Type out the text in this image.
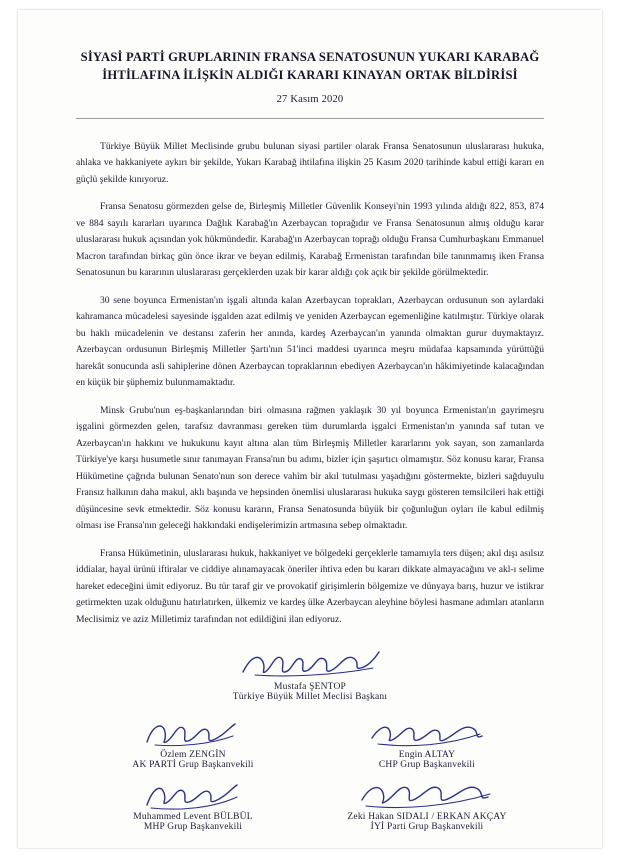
SİYASİ PARTİ GRUPLARININ FRANSA SENATOSUNUN YUKARI KARABAĞ
İHTİLAFINA İLİŞKİN ALDIĞI KARARI KINAYAN ORTAK BİLDİRİSİ
27 Kasım 2020

Türkiye Büyük Millet Meclisinde grubu bulunan siyasi partiler olarak Fransa Senatosunun uluslararası hukuka, ahlaka ve hakkaniyete aykırı bir şekilde, Yukarı Karabağ ihtilafına ilişkin 25 Kasım 2020 tarihinde kabul ettiği kararı en güçlü şekilde kınıyoruz.

Fransa Senatosu görmezden gelse de, Birleşmiş Milletler Güvenlik Konseyi'nin 1993 yılında aldığı 822, 853, 874 ve 884 sayılı kararları uyarınca Dağlık Karabağ'ın Azerbaycan toprağıdır ve Fransa Senatosunun almış olduğu karar uluslararası hukuk açısından yok hükmündedir. Karabağ'ın Azerbaycan toprağı olduğu Fransa Cumhurbaşkanı Emmanuel Macron tarafından birkaç gün önce ikrar ve beyan edilmiş, Karabağ Ermenistan tarafından bile tanınmamış iken Fransa Senatosunun bu kararının uluslararası gerçeklerden uzak bir karar aldığı çok açık bir şekilde görülmektedir.

30 sene boyunca Ermenistan'ın işgali altında kalan Azerbaycan toprakları, Azerbaycan ordusunun son aylardaki kahramanca mücadelesi sayesinde işgalden azat edilmiş ve yeniden Azerbaycan egemenliğine katılmıştır. Türkiye olarak bu haklı mücadelenin ve destansı zaferin her anında, kardeş Azerbaycan'ın yanında olmaktan gurur duymaktayız. Azerbaycan ordusunun Birleşmiş Milletler Şartı'nın 51'inci maddesi uyarınca meşru müdafaa kapsamında yürüttüğü harekât sonucunda asli sahiplerine dönen Azerbaycan topraklarının ebediyen Azerbaycan'ın hâkimiyetinde kalacağından en küçük bir şüphemiz bulunmamaktadır.

Minsk Grubu'nun eş-başkanlarından biri olmasına rağmen yaklaşık 30 yıl boyunca Ermenistan'ın gayrimeşru işgalini görmezden gelen, tarafsız davranması gereken tüm durumlarda işgalci Ermenistan'ın yanında saf tutan ve Azerbaycan'ın hakkını ve hukukunu kayıt altına alan tüm Birleşmiş Milletler kararlarını yok sayan, son zamanlarda Türkiye'ye karşı husumetle sınır tanımayan Fransa'nın bu adımı, bizler için şaşırtıcı olmamıştır. Söz konusu karar, Fransa Hükümetine çağrıda bulunan Senato'nun son derece vahim bir akıl tutulması yaşadığını göstermekte, bizleri sağduyulu Fransız halkının daha makul, aklı başında ve hepsinden önemlisi uluslararası hukuka saygı gösteren temsilcileri hak ettiği düşüncesine sevk etmektedir. Söz konusu kararın, Fransa Senatosunda büyük bir çoğunluğun oyları ile kabul edilmiş olması ise Fransa'nın geleceği hakkındaki endişelerimizin artmasına sebep olmaktadır.

Fransa Hükümetinin, uluslararası hukuk, hakkaniyet ve bölgedeki gerçeklerle tamamıyla ters düşen; akıl dışı asılsız iddialar, hayal ürünü iftiralar ve ciddiye alınamayacak öneriler ihtiva eden bu kararı dikkate almayacağını ve akl-ı selime hareket edeceğini ümit ediyoruz. Bu tür taraf gir ve provokatif girişimlerin bölgemize ve dünyaya barış, huzur ve istikrar getirmekten uzak olduğunu hatırlatırken, ülkemiz ve kardeş ülke Azerbaycan aleyhine böylesi hasmane adımları atanların Meclisimiz ve aziz Milletimiz tarafından not edildiğini ilan ediyoruz.

Mustafa ŞENTOP
Türkiye Büyük Millet Meclisi Başkanı
Özlem ZENGİN
AK PARTİ Grup Başkanvekili
Engin ALTAY
CHP Grup Başkanvekili
Muhammed Levent BÜLBÜL
MHP Grup Başkanvekili
Zeki Hakan SIDALI / ERKAN AKÇAY
İYİ Parti Grup Başkanvekili
